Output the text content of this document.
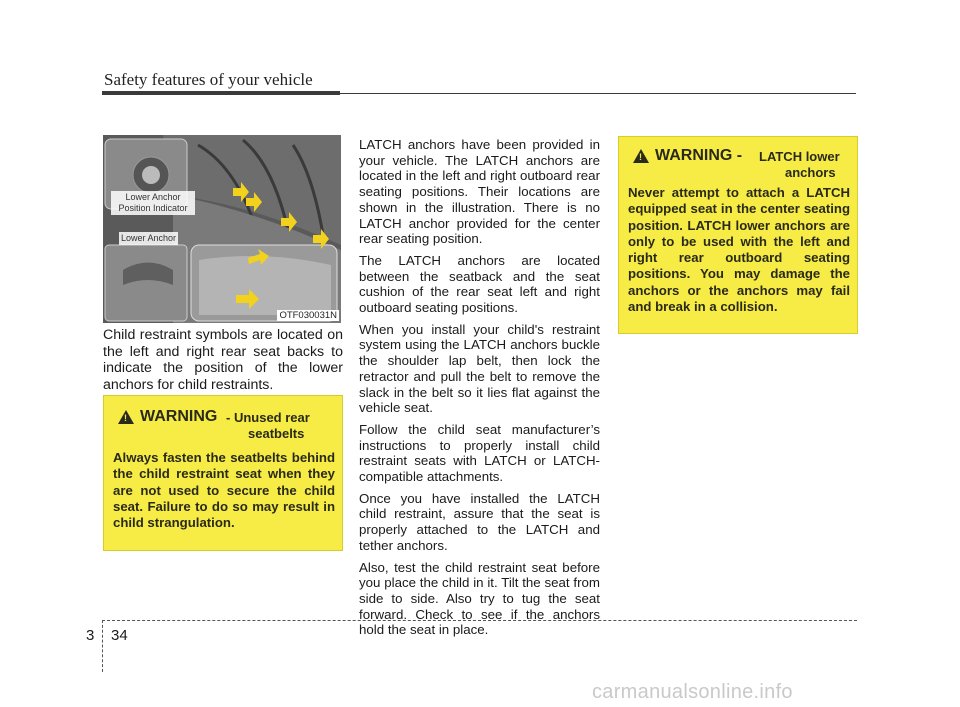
Safety features of your vehicle
Lower Anchor
Position Indicator
Lower Anchor
OTF030031N
Child restraint symbols are located on the left and right rear seat backs to indicate the position of the lower anchors for child restraints.
!
WARNING - Unused rear
seatbelts
Always fasten the seatbelts behind the child restraint seat when they are not used to secure the child seat. Failure to do so may result in child strangulation.

LATCH anchors have been provided in your vehicle. The LATCH anchors are located in the left and right outboard rear seating positions. Their locations are shown in the illustration. There is no LATCH anchor provided for the center rear seating position.

The LATCH anchors are located between the seatback and the seat cushion of the rear seat left and right outboard seating positions.

When you install your child's restraint system using the LATCH anchors buckle the shoulder lap belt, then lock the retractor and pull the belt to remove the slack in the belt so it lies flat against the vehicle seat.

Follow the child seat manufacturer’s instructions to properly install child restraint seats with LATCH or LATCH-compatible attachments.

Once you have installed the LATCH child restraint, assure that the seat is properly attached to the LATCH and tether anchors.

Also, test the child restraint seat before you place the child in it. Tilt the seat from side to side. Also try to tug the seat forward. Check to see if the anchors hold the seat in place.

!
WARNING - LATCH lower
anchors
Never attempt to attach a LATCH equipped seat in the center seating position. LATCH lower anchors are only to be used with the left and right rear outboard seating positions. You may damage the anchors or the anchors may fail and break in a collision.
3 34
carmanualsonline.info
